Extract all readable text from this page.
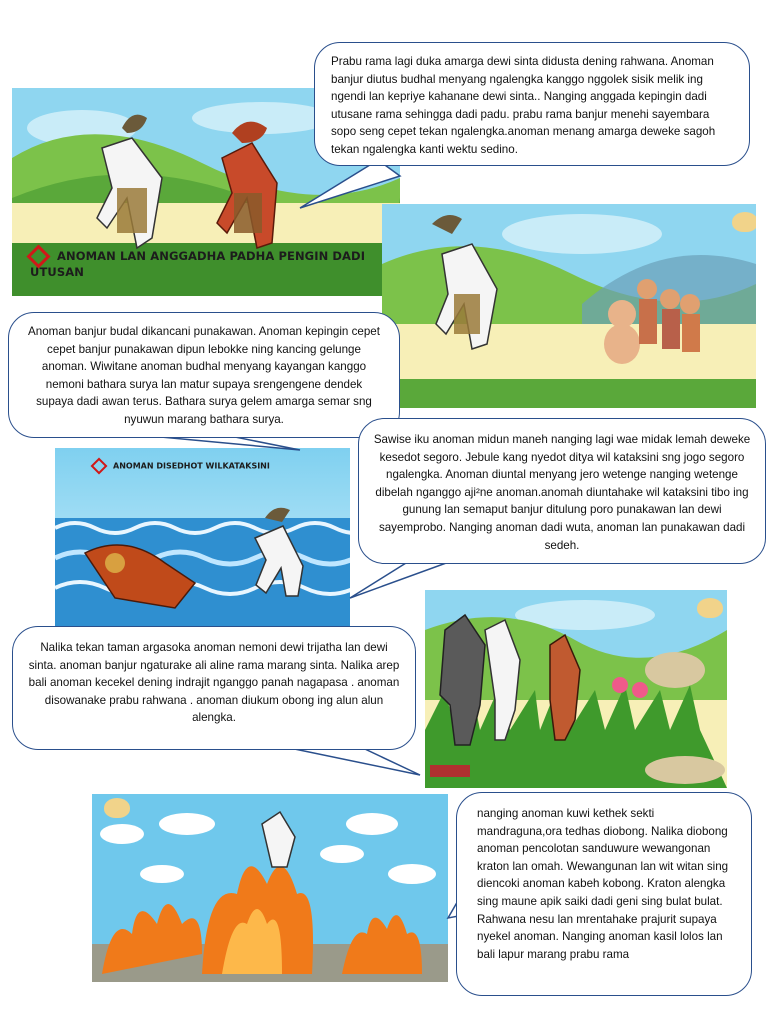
ANOMAN LAN ANGGADHA PADHA PENGIN DADI UTUSAN
ANOMAN DISEDHOT WILKATAKSINI
Prabu rama lagi duka amarga dewi sinta didusta dening rahwana. Anoman banjur diutus budhal menyang ngalengka kanggo nggolek sisik melik ing ngendi lan kepriye kahanane dewi sinta.. Nanging anggada kepingin dadi utusane rama sehingga dadi padu. prabu rama banjur menehi sayembara sopo seng cepet tekan ngalengka.anoman menang amarga deweke sagoh tekan ngalengka kanti wektu sedino.
Anoman banjur budal dikancani punakawan. Anoman kepingin cepet cepet banjur punakawan dipun lebokke ning kancing gelunge anoman. Wiwitane anoman budhal menyang kayangan kanggo nemoni bathara surya lan matur supaya srengengene dendek supaya dadi awan terus. Bathara surya gelem amarga semar sng nyuwun marang bathara surya.
Sawise iku anoman midun maneh nanging lagi wae midak lemah deweke kesedot segoro. Jebule kang nyedot ditya wil kataksini sng jogo segoro ngalengka. Anoman diuntal menyang jero wetenge nanging wetenge dibelah nganggo aji²ne anoman.anomah diuntahake wil kataksini tibo ing gunung lan semaput banjur ditulung poro punakawan lan dewi sayemprobo. Nanging anoman dadi wuta, anoman lan punakawan dadi sedeh.
Nalika tekan taman argasoka anoman nemoni dewi trijatha lan dewi sinta. anoman banjur ngaturake ali aline rama marang sinta. Nalika arep bali anoman kecekel dening indrajit nganggo panah nagapasa . anoman disowanake prabu rahwana . anoman diukum obong ing alun alun alengka.
nanging anoman kuwi kethek sekti mandraguna,ora tedhas diobong. Nalika diobong anoman pencolotan sanduwure wewangonan kraton lan omah. Wewangunan lan wit witan sing diencoki anoman kabeh kobong. Kraton alengka sing maune apik saiki dadi geni sing bulat bulat. Rahwana nesu lan mrentahake prajurit supaya nyekel anoman. Nanging anoman kasil lolos lan bali lapur marang prabu rama
